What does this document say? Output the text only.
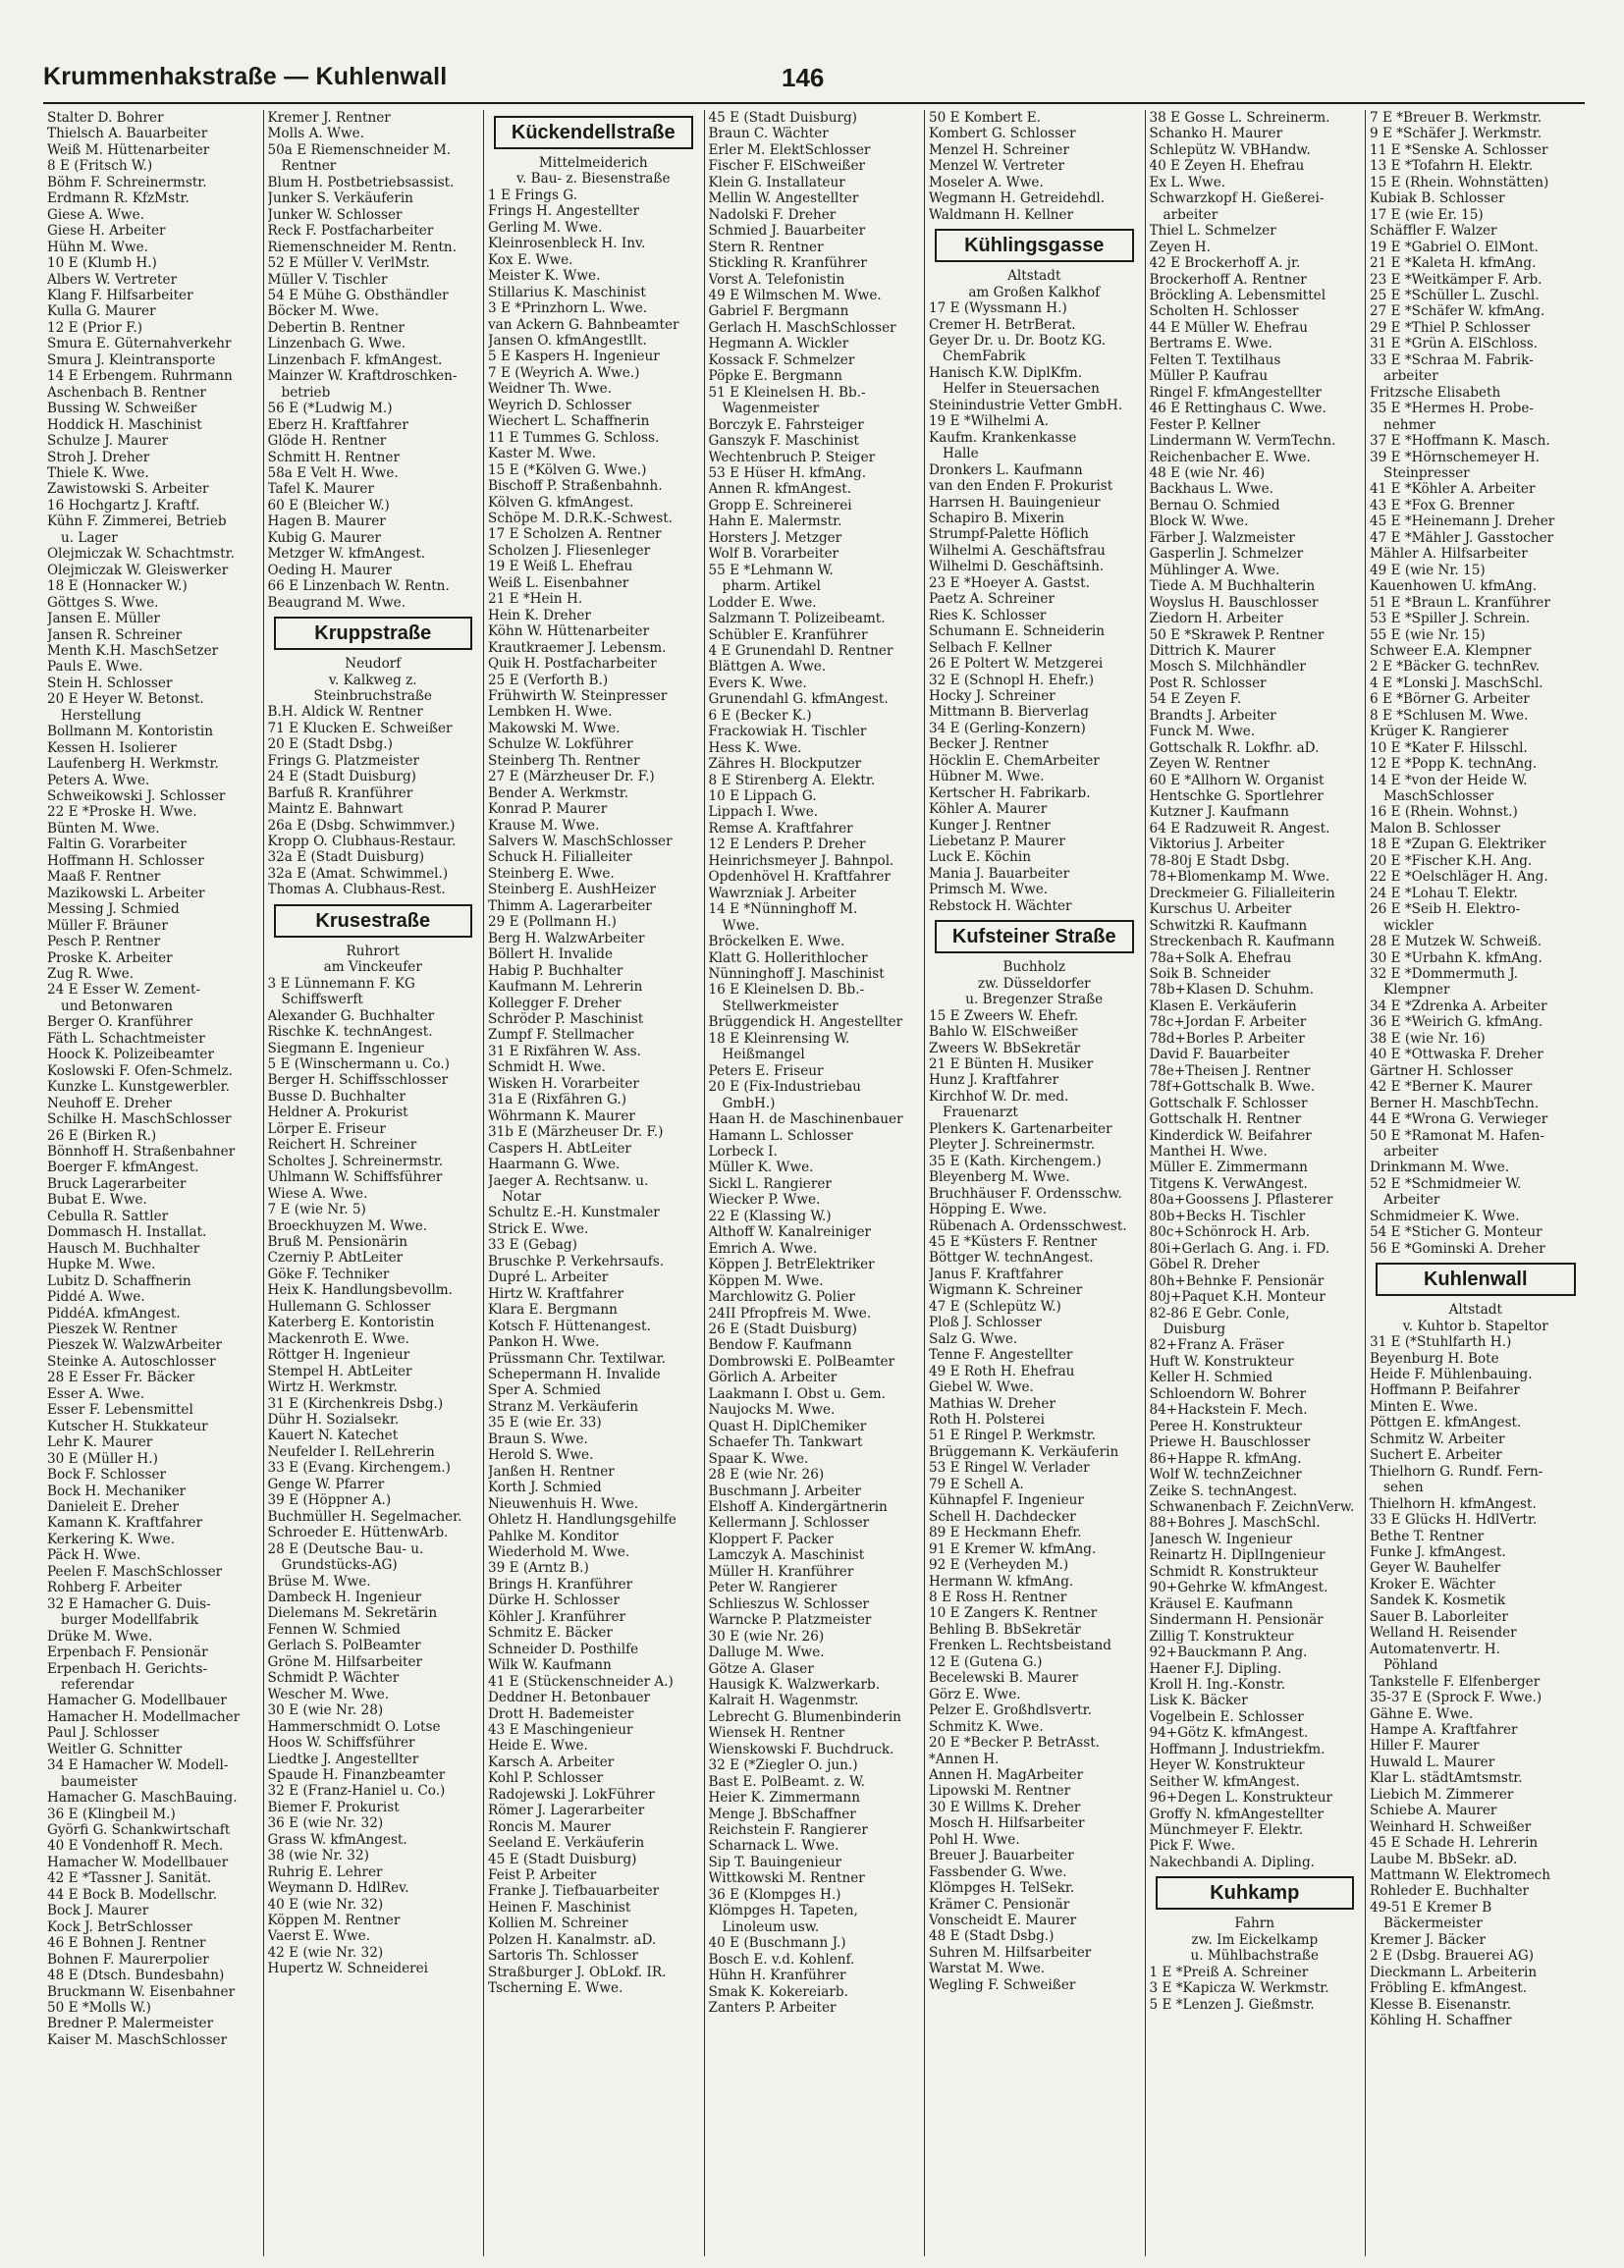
Krummenhakstraße — Kuhlenwall	146
Stalter D. Bohrer
Thielsch A. Bauarbeiter
Weiß M. Hüttenarbeiter
8 E (Fritsch W.)
Böhm F. Schreinermstr.
Erdmann R. KfzMstr.
Giese A. Wwe.
Giese H. Arbeiter
Hühn M. Wwe.
10 E (Klumb H.)
Albers W. Vertreter
Klang F. Hilfsarbeiter
Kulla G. Maurer
12 E (Prior F.)
Smura E. Güternahverkehr
Smura J. Kleintransporte
14 E Erbengem. Ruhrmann
Aschenbach B. Rentner
Bussing W. Schweißer
Hoddick H. Maschinist
Schulze J. Maurer
Stroh J. Dreher
Thiele K. Wwe.
Zawistowski S. Arbeiter
16 Hochgartz J. Kraftf.
Kühn F. Zimmerei, Betrieb
u. Lager
Olejmiczak W. Schachtmstr.
Olejmiczak W. Gleiswerker
18 E (Honnacker W.)
Göttges S. Wwe.
Jansen E. Müller
Jansen R. Schreiner
Menth K.H. MaschSetzer
Pauls E. Wwe.
Stein H. Schlosser
20 E Heyer W. Betonst.
Herstellung
Bollmann M. Kontoristin
Kessen H. Isolierer
Laufenberg H. Werkmstr.
Peters A. Wwe.
Schweikowski J. Schlosser
22 E *Proske H. Wwe.
Bünten M. Wwe.
Faltin G. Vorarbeiter
Hoffmann H. Schlosser
Maaß F. Rentner
Mazikowski L. Arbeiter
Messing J. Schmied
Müller F. Bräuner
Pesch P. Rentner
Proske K. Arbeiter
Zug R. Wwe.
24 E Esser W. Zement-
und Betonwaren
Berger O. Kranführer
Fäth L. Schachtmeister
Hoock K. Polizeibeamter
Koslowski F. Ofen-Schmelz.
Kunzke L. Kunstgewerbler.
Neuhoff E. Dreher
Schilke H. MaschSchlosser
26 E (Birken R.)
Bönnhoff H. Straßenbahner
Boerger F. kfmAngest.
Bruck Lagerarbeiter
Bubat E. Wwe.
Cebulla R. Sattler
Dommasch H. Installat.
Hausch M. Buchhalter
Hupke M. Wwe.
Lubitz D. Schaffnerin
Piddé A. Wwe.
PiddéA. kfmAngest.
Pieszek W. Rentner
Pieszek W. WalzwArbeiter
Steinke A. Autoschlosser
28 E Esser Fr. Bäcker
Esser A. Wwe.
Esser F. Lebensmittel
Kutscher H. Stukkateur
Lehr K. Maurer
30 E (Müller H.)
Bock F. Schlosser
Bock H. Mechaniker
Danieleit E. Dreher
Kamann K. Kraftfahrer
Kerkering K. Wwe.
Päck H. Wwe.
Peelen F. MaschSchlosser
Rohberg F. Arbeiter
32 E Hamacher G. Duis-
burger Modellfabrik
Drüke M. Wwe.
Erpenbach F. Pensionär
Erpenbach H. Gerichts-
referendar
Hamacher G. Modellbauer
Hamacher H. Modellmacher
Paul J. Schlosser
Weitler G. Schnitter
34 E Hamacher W. Modell-
baumeister
Hamacher G. MaschBauing.
36 E (Klingbeil M.)
Györfi G. Schankwirtschaft
40 E Vondenhoff R. Mech.
Hamacher W. Modellbauer
42 E *Tassner J. Sanität.
44 E Bock B. Modellschr.
Bock J. Maurer
Kock J. BetrSchlosser
46 E Bohnen J. Rentner
Bohnen F. Maurerpolier
48 E (Dtsch. Bundesbahn)
Bruckmann W. Eisenbahner
50 E *Molls W.)
Bredner P. Malermeister
Kaiser M. MaschSchlosser
Kremer J. Rentner
Molls A. Wwe.
50a E Riemenschneider M.
Rentner
Blum H. Postbetriebsassist.
Junker S. Verkäuferin
Junker W. Schlosser
Reck F. Postfacharbeiter
Riemenschneider M. Rentn.
52 E Müller V. VerlMstr.
Müller V. Tischler
54 E Mühe G. Obsthändler
Böcker M. Wwe.
Debertin B. Rentner
Linzenbach G. Wwe.
Linzenbach F. kfmAngest.
Mainzer W. Kraftdroschken-
betrieb
56 E (*Ludwig M.)
Eberz H. Kraftfahrer
Glöde H. Rentner
Schmitt H. Rentner
58a E Velt H. Wwe.
Tafel K. Maurer
60 E (Bleicher W.)
Hagen B. Maurer
Kubig G. Maurer
Metzger W. kfmAngest.
Oeding H. Maurer
66 E Linzenbach W. Rentn.
Beaugrand M. Wwe.
Kruppstraße
Neudorf
v. Kalkweg z.
Steinbruchstraße
B.H. Aldick W. Rentner
71 E Klucken E. Schweißer
20 E (Stadt Dsbg.)
Frings G. Platzmeister
24 E (Stadt Duisburg)
Barfuß R. Kranführer
Maintz E. Bahnwart
26a E (Dsbg. Schwimmver.)
Kropp O. Clubhaus-Restaur.
32a E (Stadt Duisburg)
32a E (Amat. Schwimmel.)
Thomas A. Clubhaus-Rest.
Krusestraße
Ruhrort
am Vinckeufer
3 E Lünnemann F. KG
Schiffswerft
Alexander G. Buchhalter
Rischke K. technAngest.
Siegmann E. Ingenieur
5 E (Winschermann u. Co.)
Berger H. Schiffsschlosser
Busse D. Buchhalter
Heldner A. Prokurist
Lörper E. Friseur
Reichert H. Schreiner
Scholtes J. Schreinermstr.
Uhlmann W. Schiffsführer
Wiese A. Wwe.
7 E (wie Nr. 5)
Broeckhuyzen M. Wwe.
Bruß M. Pensionärin
Czerniy P. AbtLeiter
Göke F. Techniker
Heix K. Handlungsbevollm.
Hullemann G. Schlosser
Katerberg E. Kontoristin
Mackenroth E. Wwe.
Röttger H. Ingenieur
Stempel H. AbtLeiter
Wirtz H. Werkmstr.
31 E (Kirchenkreis Dsbg.)
Dühr H. Sozialsekr.
Kauert N. Katechet
Neufelder I. RelLehrerin
33 E (Evang. Kirchengem.)
Genge W. Pfarrer
39 E (Höppner A.)
Buchmüller H. Segelmacher.
Schroeder E. HüttenwArb.
28 E (Deutsche Bau- u.
Grundstücks-AG)
Brüse M. Wwe.
Dambeck H. Ingenieur
Dielemans M. Sekretärin
Fennen W. Schmied
Gerlach S. PolBeamter
Gröne M. Hilfsarbeiter
Schmidt P. Wächter
Wescher M. Wwe.
30 E (wie Nr. 28)
Hammerschmidt O. Lotse
Hoos W. Schiffsführer
Liedtke J. Angestellter
Spaude H. Finanzbeamter
32 E (Franz-Haniel u. Co.)
Biemer F. Prokurist
36 E (wie Nr. 32)
Grass W. kfmAngest.
38 (wie Nr. 32)
Ruhrig E. Lehrer
Weymann D. HdlRev.
40 E (wie Nr. 32)
Köppen M. Rentner
Vaerst E. Wwe.
42 E (wie Nr. 32)
Hupertz W. Schneiderei
Kückendellstraße
Mittelmeiderich
v. Bau- z. Biesenstraße
1 E Frings G.
Frings H. Angestellter
Gerling M. Wwe.
Kleinrosenbleck H. Inv.
Kox E. Wwe.
Meister K. Wwe.
Stillarius K. Maschinist
3 E *Prinzhorn L. Wwe.
van Ackern G. Bahnbeamter
Jansen O. kfmAngestllt.
5 E Kaspers H. Ingenieur
7 E (Weyrich A. Wwe.)
Weidner Th. Wwe.
Weyrich D. Schlosser
Wiechert L. Schaffnerin
11 E Tummes G. Schloss.
Kaster M. Wwe.
15 E (*Kölven G. Wwe.)
Bischoff P. Straßenbahnh.
Kölven G. kfmAngest.
Schöpe M. D.R.K.-Schwest.
17 E Scholzen A. Rentner
Scholzen J. Fliesenleger
19 E Weiß L. Ehefrau
Weiß L. Eisenbahner
21 E *Hein H.
Hein K. Dreher
Köhn W. Hüttenarbeiter
Krautkraemer J. Lebensm.
Quik H. Postfacharbeiter
25 E (Verforth B.)
Frühwirth W. Steinpresser
Lembken H. Wwe.
Makowski M. Wwe.
Schulze W. Lokführer
Steinberg Th. Rentner
27 E (Märzheuser Dr. F.)
Bender A. Werkmstr.
Konrad P. Maurer
Krause M. Wwe.
Salvers W. MaschSchlosser
Schuck H. Filialleiter
Steinberg E. Wwe.
Steinberg E. AushHeizer
Thimm A. Lagerarbeiter
29 E (Pollmann H.)
Berg H. WalzwArbeiter
Böllert H. Invalide
Habig P. Buchhalter
Kaufmann M. Lehrerin
Kollegger F. Dreher
Schröder P. Maschinist
Zumpf F. Stellmacher
31 E Rixfähren W. Ass.
Schmidt H. Wwe.
Wisken H. Vorarbeiter
31a E (Rixfähren G.)
Wöhrmann K. Maurer
31b E (Märzheuser Dr. F.)
Caspers H. AbtLeiter
Haarmann G. Wwe.
Jaeger A. Rechtsanw. u.
Notar
Schultz E.-H. Kunstmaler
Strick E. Wwe.
33 E (Gebag)
Bruschke P. Verkehrsaufs.
Dupré L. Arbeiter
Hirtz W. Kraftfahrer
Klara E. Bergmann
Kotsch F. Hüttenangest.
Pankon H. Wwe.
Prüssmann Chr. Textilwar.
Schepermann H. Invalide
Sper A. Schmied
Stranz M. Verkäuferin
35 E (wie Er. 33)
Braun S. Wwe.
Herold S. Wwe.
Janßen H. Rentner
Korth J. Schmied
Nieuwenhuis H. Wwe.
Ohletz H. Handlungsgehilfe
Pahlke M. Konditor
Wiederhold M. Wwe.
39 E (Arntz B.)
Brings H. Kranführer
Dürke H. Schlosser
Köhler J. Kranführer
Schmitz E. Bäcker
Schneider D. Posthilfe
Wilk W. Kaufmann
41 E (Stückenschneider A.)
Deddner H. Betonbauer
Drott H. Bademeister
43 E Maschingenieur
Heide E. Wwe.
Karsch A. Arbeiter
Kohl P. Schlosser
Radojewski J. LokFührer
Römer J. Lagerarbeiter
Roncis M. Maurer
Seeland E. Verkäuferin
45 E (Stadt Duisburg)
Feist P. Arbeiter
Franke J. Tiefbauarbeiter
Heinen F. Maschinist
Kollien M. Schreiner
Polzen H. Kanalmstr. aD.
Sartoris Th. Schlosser
Straßburger J. ObLokf. IR.
Tscherning E. Wwe.
45 E (Stadt Duisburg)
Braun C. Wächter
Erler M. ElektSchlosser
Fischer F. ElSchweißer
Klein G. Installateur
Mellin W. Angestellter
Nadolski F. Dreher
Schmied J. Bauarbeiter
Stern R. Rentner
Stickling R. Kranführer
Vorst A. Telefonistin
49 E Wilmschen M. Wwe.
Gabriel F. Bergmann
Gerlach H. MaschSchlosser
Hegmann A. Wickler
Kossack F. Schmelzer
Pöpke E. Bergmann
51 E Kleinelsen H. Bb.-
Wagenmeister
Borczyk E. Fahrsteiger
Ganszyk F. Maschinist
Wechtenbruch P. Steiger
53 E Hüser H. kfmAng.
Annen R. kfmAngest.
Gropp E. Schreinerei
Hahn E. Malermstr.
Horsters J. Metzger
Wolf B. Vorarbeiter
55 E *Lehmann W.
pharm. Artikel
Lodder E. Wwe.
Salzmann T. Polizeibeamt.
Schübler E. Kranführer
4 E Grunendahl D. Rentner
Blättgen A. Wwe.
Evers K. Wwe.
Grunendahl G. kfmAngest.
6 E (Becker K.)
Frackowiak H. Tischler
Hess K. Wwe.
Zähres H. Blockputzer
8 E Stirenberg A. Elektr.
10 E Lippach G.
Lippach I. Wwe.
Remse A. Kraftfahrer
12 E Lenders P. Dreher
Heinrichsmeyer J. Bahnpol.
Opdenhövel H. Kraftfahrer
Wawrzniak J. Arbeiter
14 E *Nünninghoff M.
Wwe.
Bröckelken E. Wwe.
Klatt G. Hollerithlocher
Nünninghoff J. Maschinist
16 E Kleinelsen D. Bb.-
Stellwerkmeister
Brüggendick H. Angestellter
18 E Kleinrensing W.
Heißmangel
Peters E. Friseur
20 E (Fix-Industriebau
GmbH.)
Haan H. de Maschinenbauer
Hamann L. Schlosser
Lorbeck I.
Müller K. Wwe.
Sickl L. Rangierer
Wiecker P. Wwe.
22 E (Klassing W.)
Althoff W. Kanalreiniger
Emrich A. Wwe.
Köppen J. BetrElektriker
Köppen M. Wwe.
Marchlowitz G. Polier
24II Pfropfreis M. Wwe.
26 E (Stadt Duisburg)
Bendow F. Kaufmann
Dombrowski E. PolBeamter
Görlich A. Arbeiter
Laakmann I. Obst u. Gem.
Naujocks M. Wwe.
Quast H. DiplChemiker
Schaefer Th. Tankwart
Spaar K. Wwe.
28 E (wie Nr. 26)
Buschmann J. Arbeiter
Elshoff A. Kindergärtnerin
Kellermann J. Schlosser
Kloppert F. Packer
Lamczyk A. Maschinist
Müller H. Kranführer
Peter W. Rangierer
Schlieszus W. Schlosser
Warncke P. Platzmeister
30 E (wie Nr. 26)
Dalluge M. Wwe.
Götze A. Glaser
Hausigk K. Walzwerkarb.
Kalrait H. Wagenmstr.
Lebrecht G. Blumenbinderin
Wiensek H. Rentner
Wienskowski F. Buchdruck.
32 E (*Ziegler O. jun.)
Bast E. PolBeamt. z. W.
Heier K. Zimmermann
Menge J. BbSchaffner
Reichstein F. Rangierer
Scharnack L. Wwe.
Sip T. Bauingenieur
Wittkowski M. Rentner
36 E (Klompges H.)
Klömpges H. Tapeten,
Linoleum usw.
40 E (Buschmann J.)
Bosch E. v.d. Kohlenf.
Hühn H. Kranführer
Smak K. Kokereiarb.
Zanters P. Arbeiter
50 E Kombert E.
Kombert G. Schlosser
Menzel H. Schreiner
Menzel W. Vertreter
Moseler A. Wwe.
Wegmann H. Getreidehdl.
Waldmann H. Kellner
Kühlingsgasse
Altstadt
am Großen Kalkhof
17 E (Wyssmann H.)
Cremer H. BetrBerat.
Geyer Dr. u. Dr. Bootz KG.
ChemFabrik
Hanisch K.W. DiplKfm.
Helfer in Steuersachen
Steinindustrie Vetter GmbH.
19 E *Wilhelmi A.
Kaufm. Krankenkasse
Halle
Dronkers L. Kaufmann
van den Enden F. Prokurist
Harrsen H. Bauingenieur
Schapiro B. Mixerin
Strumpf-Palette Höflich
Wilhelmi A. Geschäftsfrau
Wilhelmi D. Geschäftsinh.
23 E *Hoeyer A. Gastst.
Paetz A. Schreiner
Ries K. Schlosser
Schumann E. Schneiderin
Selbach F. Kellner
26 E Poltert W. Metzgerei
32 E (Schnopl H. Ehefr.)
Hocky J. Schreiner
Mittmann B. Bierverlag
34 E (Gerling-Konzern)
Becker J. Rentner
Höcklin E. ChemArbeiter
Hübner M. Wwe.
Kertscher H. Fabrikarb.
Köhler A. Maurer
Kunger J. Rentner
Liebetanz P. Maurer
Luck E. Köchin
Mania J. Bauarbeiter
Primsch M. Wwe.
Rebstock H. Wächter
Kufsteiner Straße
Buchholz
zw. Düsseldorfer
u. Bregenzer Straße
15 E Zweers W. Ehefr.
Bahlo W. ElSchweißer
Zweers W. BbSekretär
21 E Bünten H. Musiker
Hunz J. Kraftfahrer
Kirchhof W. Dr. med.
Frauenarzt
Plenkers K. Gartenarbeiter
Pleyter J. Schreinermstr.
35 E (Kath. Kirchengem.)
Bleyenberg M. Wwe.
Bruchhäuser F. Ordensschw.
Höpping E. Wwe.
Rübenach A. Ordensschwest.
45 E *Küsters F. Rentner
Böttger W. technAngest.
Janus F. Kraftfahrer
Wigmann K. Schreiner
47 E (Schlepütz W.)
Ploß J. Schlosser
Salz G. Wwe.
Tenne F. Angestellter
49 E Roth H. Ehefrau
Giebel W. Wwe.
Mathias W. Dreher
Roth H. Polsterei
51 E Ringel P. Werkmstr.
Brüggemann K. Verkäuferin
53 E Ringel W. Verlader
79 E Schell A.
Kühnapfel F. Ingenieur
Schell H. Dachdecker
89 E Heckmann Ehefr.
91 E Kremer W. kfmAng.
92 E (Verheyden M.)
Hermann W. kfmAng.
8 E Ross H. Rentner
10 E Zangers K. Rentner
Behling B. BbSekretär
Frenken L. Rechtsbeistand
12 E (Gutena G.)
Becelewski B. Maurer
Görz E. Wwe.
Pelzer E. Großhdlsvertr.
Schmitz K. Wwe.
20 E *Becker P. BetrAsst.
*Annen H.
Annen H. MagArbeiter
Lipowski M. Rentner
30 E Willms K. Dreher
Mosch H. Hilfsarbeiter
Pohl H. Wwe.
Breuer J. Bauarbeiter
Fassbender G. Wwe.
Klömpges H. TelSekr.
Krämer C. Pensionär
Vonscheidt E. Maurer
48 E (Stadt Dsbg.)
Suhren M. Hilfsarbeiter
Warstat M. Wwe.
Wegling F. Schweißer
38 E Gosse L. Schreinerm.
Schanko H. Maurer
Schlepütz W. VBHandw.
40 E Zeyen H. Ehefrau
Ex L. Wwe.
Schwarzkopf H. Gießerei-
arbeiter
Thiel L. Schmelzer
Zeyen H.
42 E Brockerhoff A. jr.
Brockerhoff A. Rentner
Bröckling A. Lebensmittel
Scholten H. Schlosser
44 E Müller W. Ehefrau
Bertrams E. Wwe.
Felten T. Textilhaus
Müller P. Kaufrau
Ringel F. kfmAngestellter
46 E Rettinghaus C. Wwe.
Fester P. Kellner
Lindermann W. VermTechn.
Reichenbacher E. Wwe.
48 E (wie Nr. 46)
Backhaus L. Wwe.
Bernau O. Schmied
Block W. Wwe.
Färber J. Walzmeister
Gasperlin J. Schmelzer
Mühlinger A. Wwe.
Tiede A. M Buchhalterin
Woyslus H. Bauschlosser
Ziedorn H. Arbeiter
50 E *Skrawek P. Rentner
Dittrich K. Maurer
Mosch S. Milchhändler
Post R. Schlosser
54 E Zeyen F.
Brandts J. Arbeiter
Funck M. Wwe.
Gottschalk R. Lokfhr. aD.
Zeyen W. Rentner
60 E *Allhorn W. Organist
Hentschke G. Sportlehrer
Kutzner J. Kaufmann
64 E Radzuweit R. Angest.
Viktorius J. Arbeiter
78-80j E Stadt Dsbg.
78+Blomenkamp M. Wwe.
Dreckmeier G. Filialleiterin
Kurschus U. Arbeiter
Schwitzki R. Kaufmann
Streckenbach R. Kaufmann
78a+Solk A. Ehefrau
Soik B. Schneider
78b+Klasen D. Schuhm.
Klasen E. Verkäuferin
78c+Jordan F. Arbeiter
78d+Borles P. Arbeiter
David F. Bauarbeiter
78e+Theisen J. Rentner
78f+Gottschalk B. Wwe.
Gottschalk F. Schlosser
Gottschalk H. Rentner
Kinderdick W. Beifahrer
Manthei H. Wwe.
Müller E. Zimmermann
Titgens K. VerwAngest.
80a+Goossens J. Pflasterer
80b+Becks H. Tischler
80c+Schönrock H. Arb.
80i+Gerlach G. Ang. i. FD.
Göbel R. Dreher
80h+Behnke F. Pensionär
80j+Paquet K.H. Monteur
82-86 E Gebr. Conle,
Duisburg
82+Franz A. Fräser
Huft W. Konstrukteur
Keller H. Schmied
Schloendorn W. Bohrer
84+Hackstein F. Mech.
Peree H. Konstrukteur
Priewe H. Bauschlosser
86+Happe R. kfmAng.
Wolf W. technZeichner
Zeike S. technAngest.
Schwanenbach F. ZeichnVerw.
88+Bohres J. MaschSchl.
Janesch W. Ingenieur
Reinartz H. DiplIngenieur
Schmidt R. Konstrukteur
90+Gehrke W. kfmAngest.
Kräusel E. Kaufmann
Sindermann H. Pensionär
Zillig T. Konstrukteur
92+Bauckmann P. Ang.
Haener F.J. Dipling.
Kroll H. Ing.-Konstr.
Lisk K. Bäcker
Vogelbein E. Schlosser
94+Götz K. kfmAngest.
Hoffmann J. Industriekfm.
Heyer W. Konstrukteur
Seither W. kfmAngest.
96+Degen L. Konstrukteur
Groffy N. kfmAngestellter
Münchmeyer F. Elektr.
Pick F. Wwe.
Nakechbandi A. Dipling.
Kuhkamp
Fahrn
zw. Im Eickelkamp
u. Mühlbachstraße
1 E *Preiß A. Schreiner
3 E *Kapicza W. Werkmstr.
5 E *Lenzen J. Gießmstr.
7 E *Breuer B. Werkmstr.
9 E *Schäfer J. Werkmstr.
11 E *Senske A. Schlosser
13 E *Tofahrn H. Elektr.
15 E (Rhein. Wohnstätten)
Kubiak B. Schlosser
17 E (wie Er. 15)
Schäffler F. Walzer
19 E *Gabriel O. ElMont.
21 E *Kaleta H. kfmAng.
23 E *Weitkämper F. Arb.
25 E *Schüller L. Zuschl.
27 E *Schäfer W. kfmAng.
29 E *Thiel P. Schlosser
31 E *Grün A. ElSchloss.
33 E *Schraa M. Fabrik-
arbeiter
Fritzsche Elisabeth
35 E *Hermes H. Probe-
nehmer
37 E *Hoffmann K. Masch.
39 E *Hörnschemeyer H.
Steinpresser
41 E *Köhler A. Arbeiter
43 E *Fox G. Brenner
45 E *Heinemann J. Dreher
47 E *Mähler J. Gasstocher
Mähler A. Hilfsarbeiter
49 E (wie Nr. 15)
Kauenhowen U. kfmAng.
51 E *Braun L. Kranführer
53 E *Spiller J. Schrein.
55 E (wie Nr. 15)
Schweer E.A. Klempner
2 E *Bäcker G. technRev.
4 E *Lonski J. MaschSchl.
6 E *Börner G. Arbeiter
8 E *Schlusen M. Wwe.
Krüger K. Rangierer
10 E *Kater F. Hilsschl.
12 E *Popp K. technAng.
14 E *von der Heide W.
MaschSchlosser
16 E (Rhein. Wohnst.)
Malon B. Schlosser
18 E *Zupan G. Elektriker
20 E *Fischer K.H. Ang.
22 E *Oelschläger H. Ang.
24 E *Lohau T. Elektr.
26 E *Seib H. Elektro-
wickler
28 E Mutzek W. Schweiß.
30 E *Urbahn K. kfmAng.
32 E *Dommermuth J.
Klempner
34 E *Zdrenka A. Arbeiter
36 E *Weirich G. kfmAng.
38 E (wie Nr. 16)
40 E *Ottwaska F. Dreher
Gärtner H. Schlosser
42 E *Berner K. Maurer
Berner H. MaschbTechn.
44 E *Wrona G. Verwieger
50 E *Ramonat M. Hafen-
arbeiter
Drinkmann M. Wwe.
52 E *Schmidmeier W.
Arbeiter
Schmidmeier K. Wwe.
54 E *Sticher G. Monteur
56 E *Gominski A. Dreher
Kuhlenwall
Altstadt
v. Kuhtor b. Stapeltor
31 E (*Stuhlfarth H.)
Beyenburg H. Bote
Heide F. Mühlenbauing.
Hoffmann P. Beifahrer
Minten E. Wwe.
Pöttgen E. kfmAngest.
Schmitz W. Arbeiter
Suchert E. Arbeiter
Thielhorn G. Rundf. Fern-
sehen
Thielhorn H. kfmAngest.
33 E Glücks H. HdlVertr.
Bethe T. Rentner
Funke J. kfmAngest.
Geyer W. Bauhelfer
Kroker E. Wächter
Sandek K. Kosmetik
Sauer B. Laborleiter
Welland H. Reisender
Automatenvertr. H.
Pöhland
Tankstelle F. Elfenberger
35-37 E (Sprock F. Wwe.)
Gähne E. Wwe.
Hampe A. Kraftfahrer
Hiller F. Maurer
Huwald L. Maurer
Klar L. städtAmtsmstr.
Liebich M. Zimmerer
Schiebe A. Maurer
Weinhard H. Schweißer
45 E Schade H. Lehrerin
Laube M. BbSekr. aD.
Mattmann W. Elektromech
Rohleder E. Buchhalter
49-51 E Kremer B
Bäckermeister
Kremer J. Bäcker
2 E (Dsbg. Brauerei AG)
Dieckmann L. Arbeiterin
Fröbling E. kfmAngest.
Klesse B. Eisenanstr.
Köhling H. Schaffner
